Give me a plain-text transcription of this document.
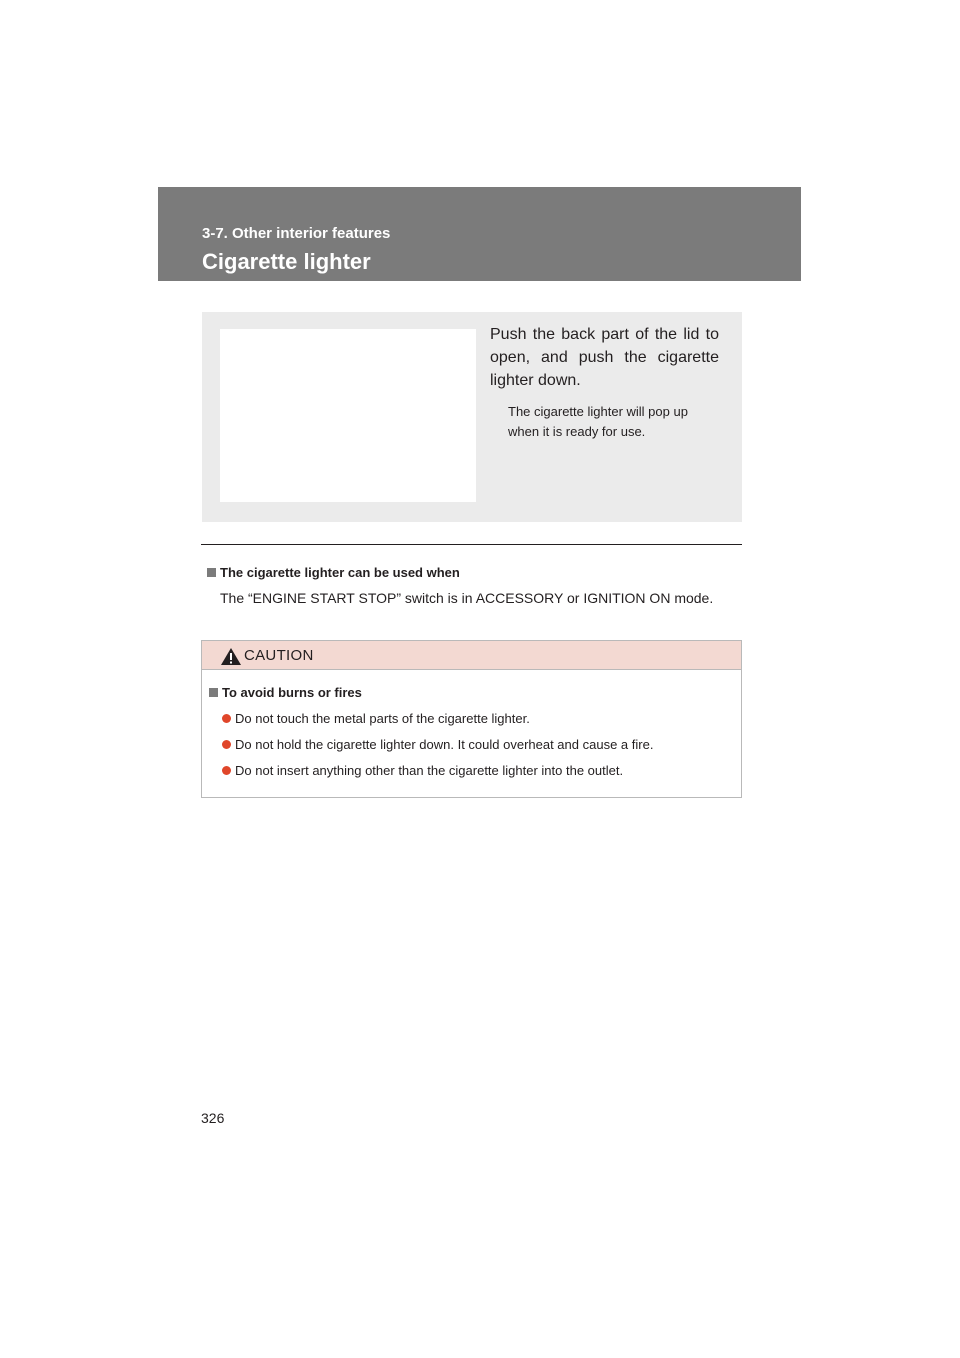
3-7. Other interior features
Cigarette lighter
Push the back part of the lid to open, and push the cigarette lighter down.
The cigarette lighter will pop up when it is ready for use.
The cigarette lighter can be used when
The “ENGINE START STOP” switch is in ACCESSORY or IGNITION ON mode.
CAUTION
To avoid burns or fires
Do not touch the metal parts of the cigarette lighter.
Do not hold the cigarette lighter down. It could overheat and cause a fire.
Do not insert anything other than the cigarette lighter into the outlet.
326
